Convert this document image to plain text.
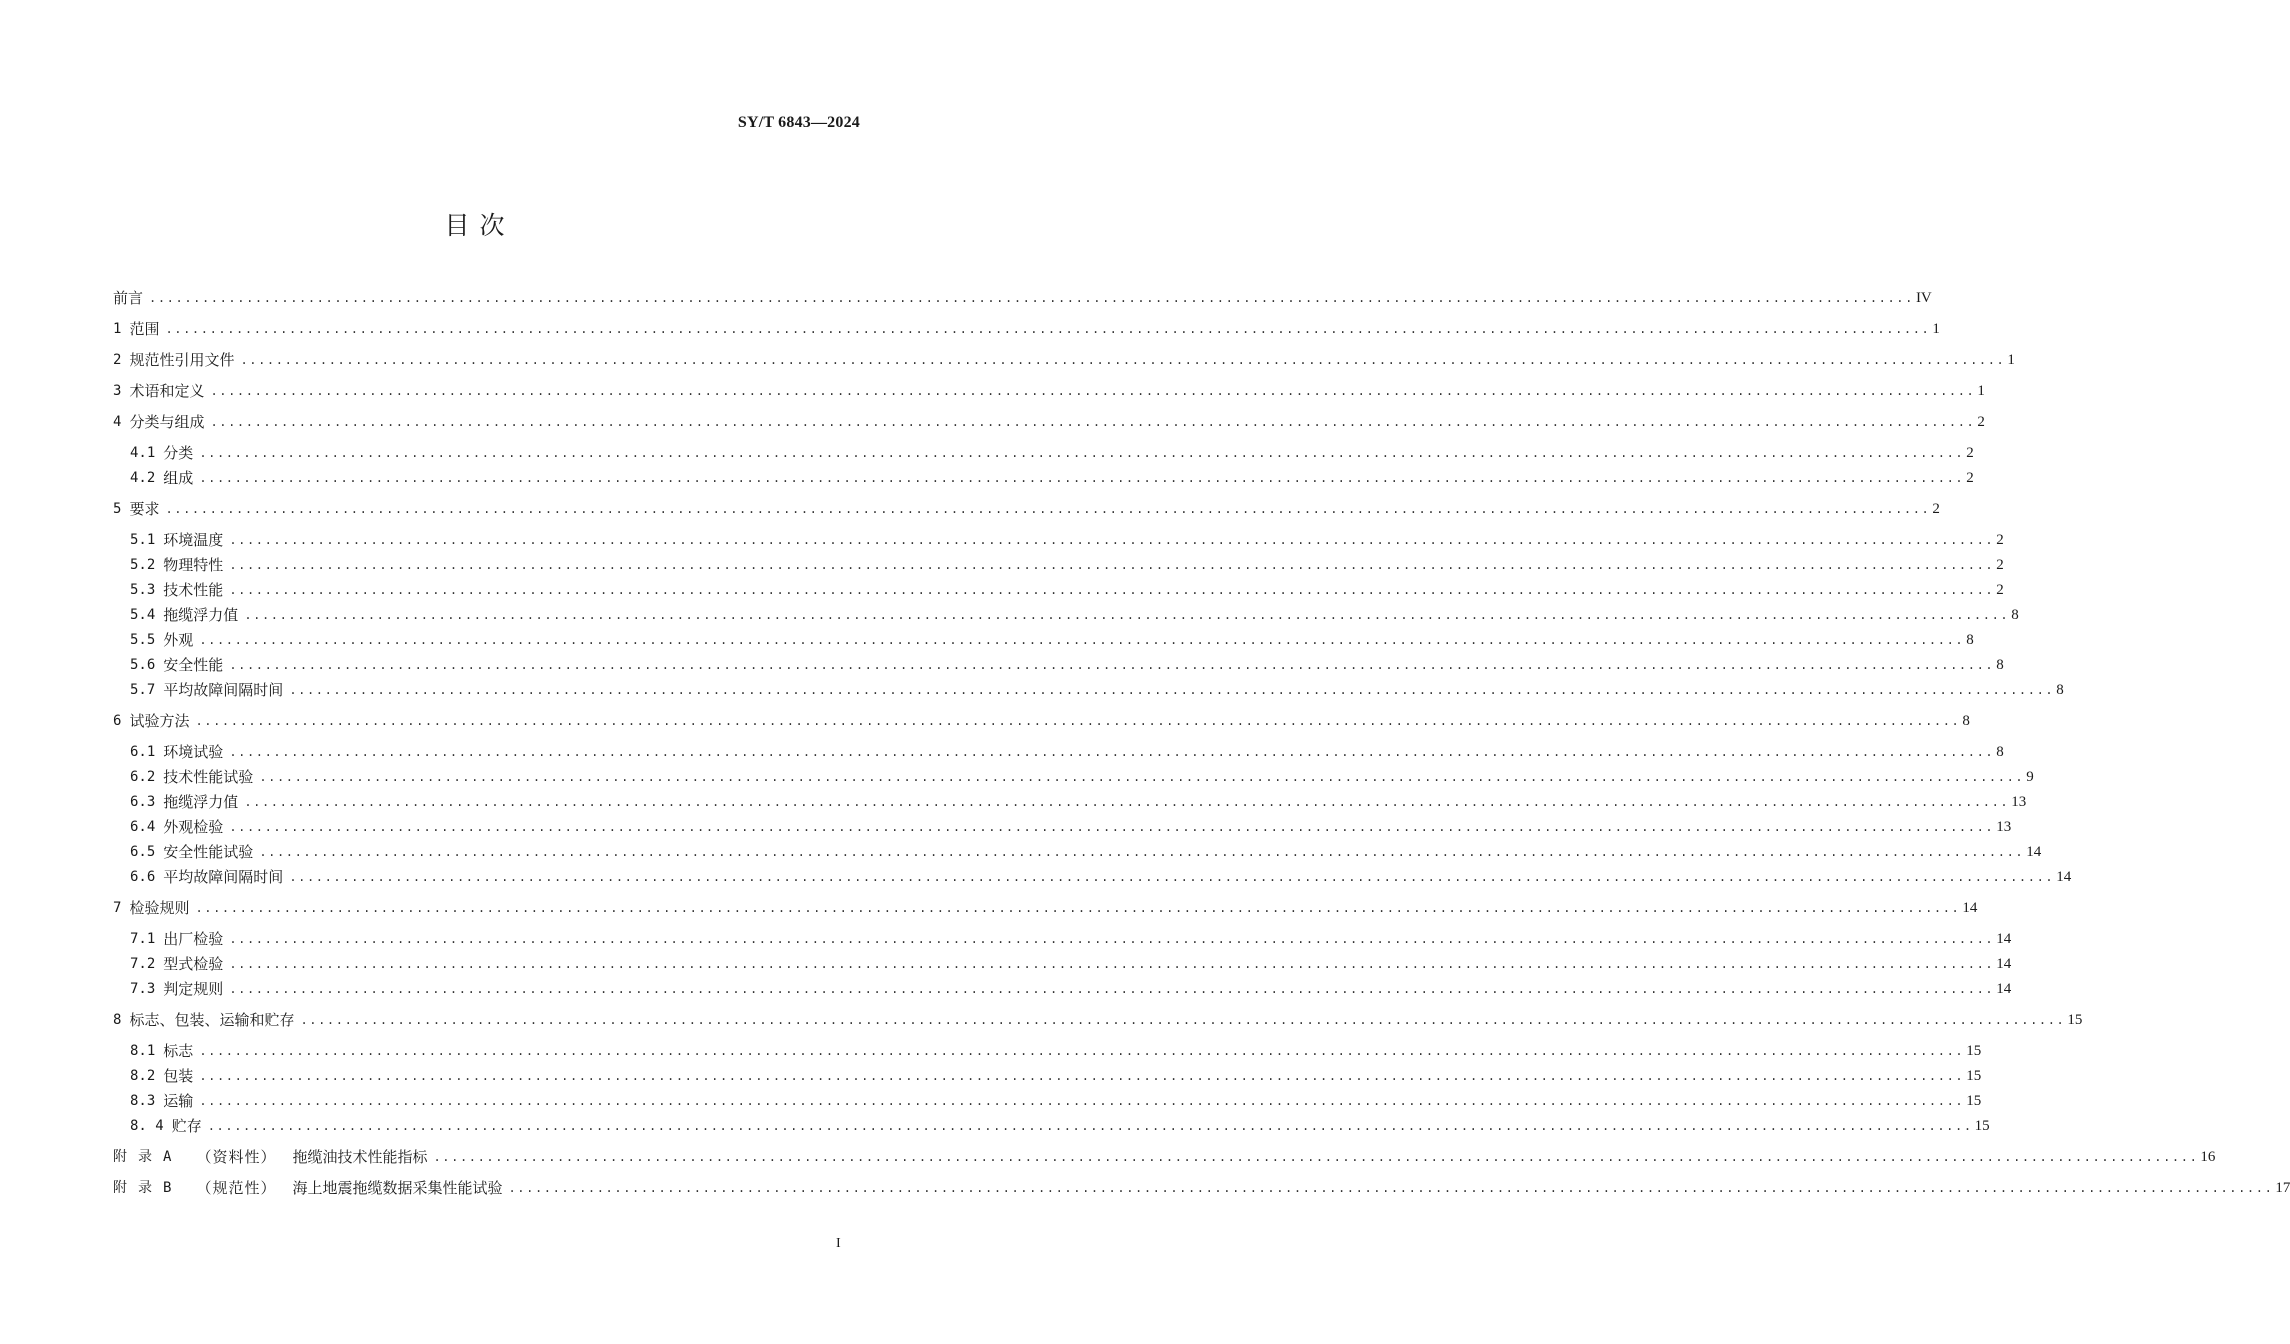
SY/T 6843—2024
目 次
前言 ........................................................................................................................................................................................................ IV
1 范围 ........................................................................................................................................................................................................ 1
2 规范性引用文件 ........................................................................................................................................................................................................ 1
3 术语和定义 ........................................................................................................................................................................................................ 1
4 分类与组成 ........................................................................................................................................................................................................ 2
4.1 分类 ........................................................................................................................................................................................................ 2
4.2 组成 ........................................................................................................................................................................................................ 2
5 要求 ........................................................................................................................................................................................................ 2
5.1 环境温度 ........................................................................................................................................................................................................ 2
5.2 物理特性 ........................................................................................................................................................................................................ 2
5.3 技术性能 ........................................................................................................................................................................................................ 2
5.4 拖缆浮力值 ........................................................................................................................................................................................................ 8
5.5 外观 ........................................................................................................................................................................................................ 8
5.6 安全性能 ........................................................................................................................................................................................................ 8
5.7 平均故障间隔时间 ........................................................................................................................................................................................................ 8
6 试验方法 ........................................................................................................................................................................................................ 8
6.1 环境试验 ........................................................................................................................................................................................................ 8
6.2 技术性能试验 ........................................................................................................................................................................................................ 9
6.3 拖缆浮力值 ........................................................................................................................................................................................................ 13
6.4 外观检验 ........................................................................................................................................................................................................ 13
6.5 安全性能试验 ........................................................................................................................................................................................................ 14
6.6 平均故障间隔时间 ........................................................................................................................................................................................................ 14
7 检验规则 ........................................................................................................................................................................................................ 14
7.1 出厂检验 ........................................................................................................................................................................................................ 14
7.2 型式检验 ........................................................................................................................................................................................................ 14
7.3 判定规则 ........................................................................................................................................................................................................ 14
8 标志、包装、运输和贮存 ........................................................................................................................................................................................................ 15
8.1 标志 ........................................................................................................................................................................................................ 15
8.2 包装 ........................................................................................................................................................................................................ 15
8.3 运输 ........................................................................................................................................................................................................ 15
8. 4 贮存 ........................................................................................................................................................................................................ 15
附录A （资料性） 拖缆油技术性能指标 ........................................................................................................................................................................................................ 16
附录B （规范性） 海上地震拖缆数据采集性能试验 ........................................................................................................................................................................................................ 17
I
